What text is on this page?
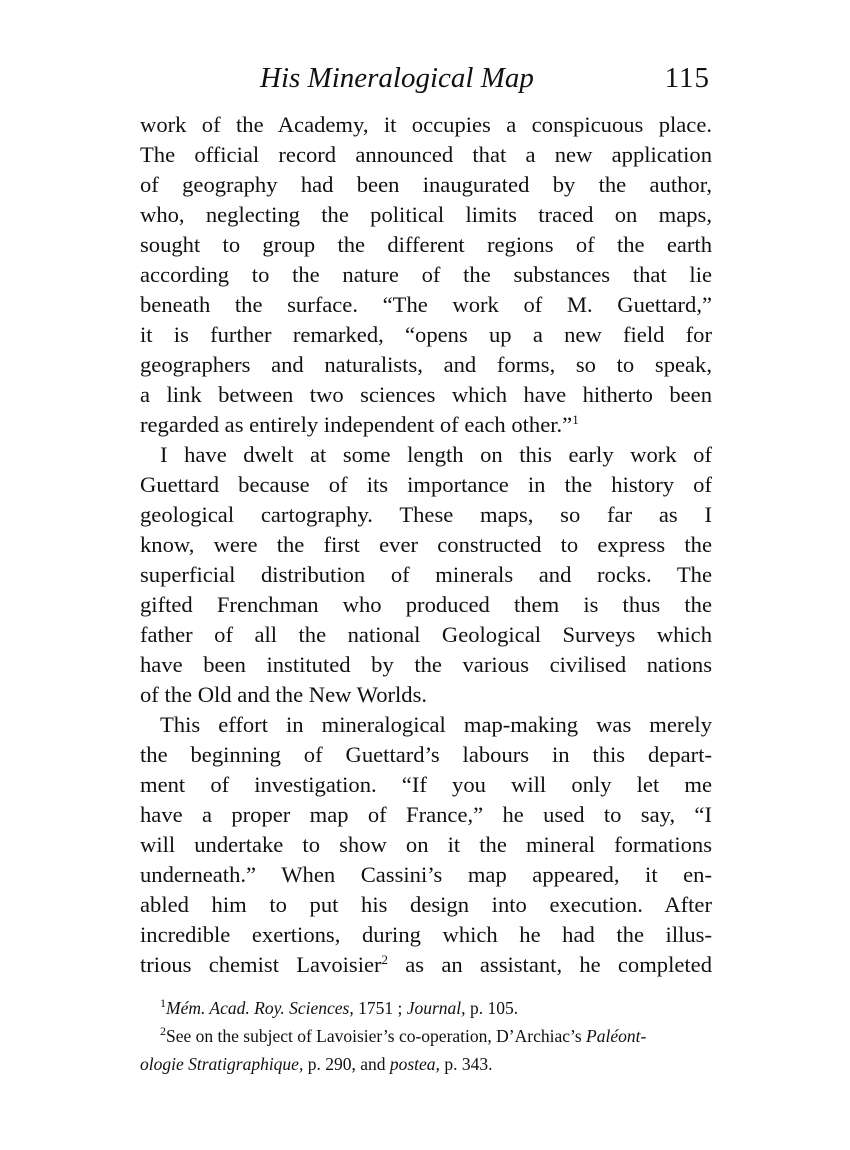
His Mineralogical Map	115
work of the Academy, it occupies a conspicuous place.
The official record announced that a new application
of geography had been inaugurated by the author,
who, neglecting the political limits traced on maps,
sought to group the different regions of the earth
according to the nature of the substances that lie
beneath the surface. “The work of M. Guettard,”
it is further remarked, “opens up a new field for
geographers and naturalists, and forms, so to speak,
a link between two sciences which have hitherto been
regarded as entirely independent of each other.”$^1$
I have dwelt at some length on this early work of
Guettard because of its importance in the history of
geological cartography. These maps, so far as I
know, were the first ever constructed to express the
superficial distribution of minerals and rocks. The
gifted Frenchman who produced them is thus the
father of all the national Geological Surveys which
have been instituted by the various civilised nations
of the Old and the New Worlds.
This effort in mineralogical map-making was merely
the beginning of Guettard’s labours in this depart-
ment of investigation. “If you will only let me
have a proper map of France,” he used to say, “I
will undertake to show on it the mineral formations
underneath.” When Cassini’s map appeared, it en-
abled him to put his design into execution. After
incredible exertions, during which he had the illus-
trious chemist Lavoisier$^2$ as an assistant, he completed
$^1$Mém. Acad. Roy. Sciences, 1751 ; Journal, p. 105.
$^2$See on the subject of Lavoisier’s co-operation, D’Archiac’s Paléont-
ologie Stratigraphique, p. 290, and postea, p. 343.
